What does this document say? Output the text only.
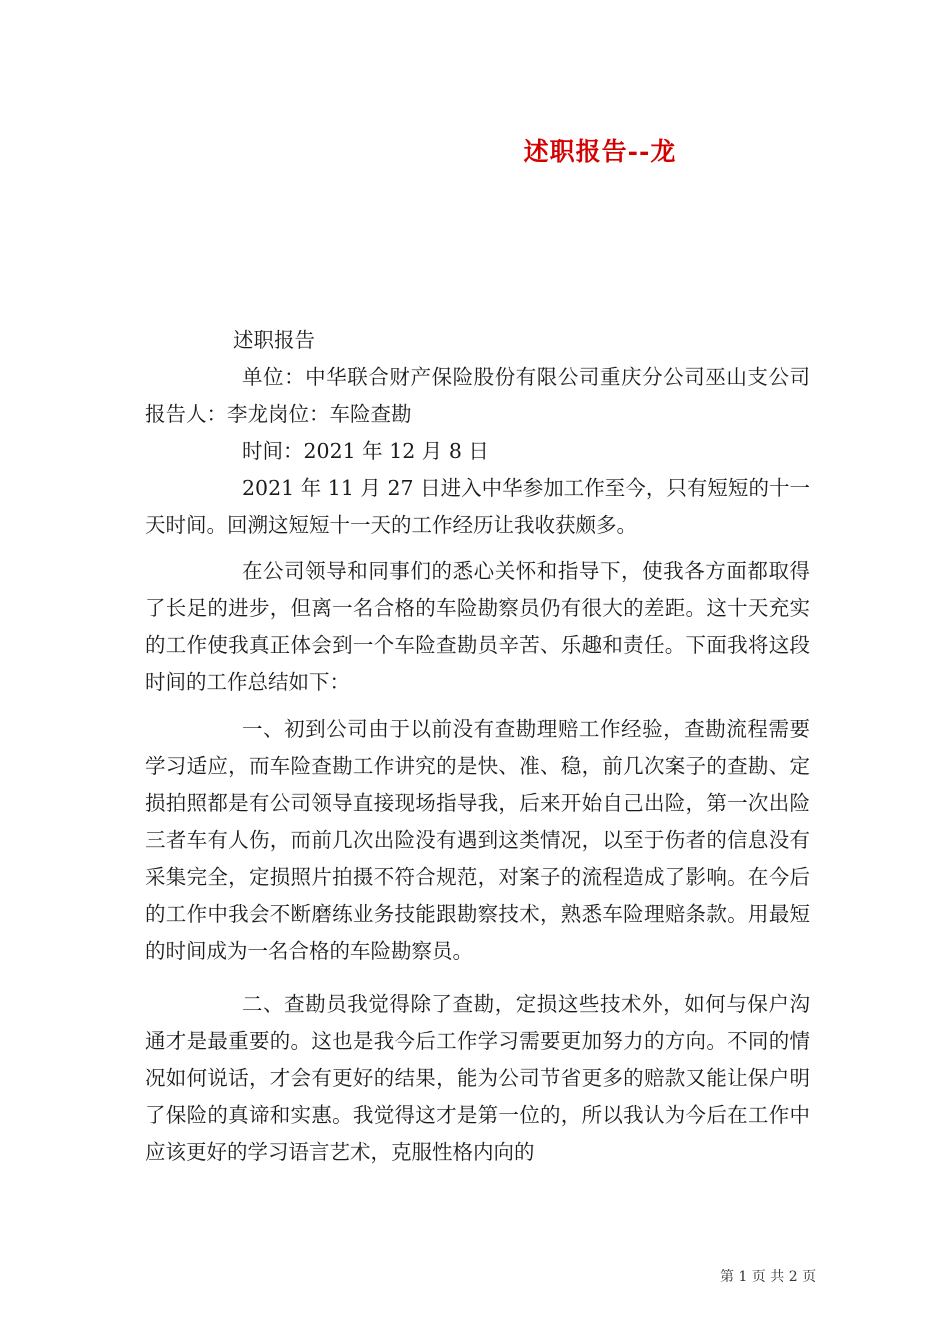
述职报告--龙

述职报告

单位：中华联合财产保险股份有限公司重庆分公司巫山支公司报告人：李龙岗位：车险查勘

时间：2021 年 12 月 8 日

2021 年 11 月 27 日进入中华参加工作至今，只有短短的十一天时间。回溯这短短十一天的工作经历让我收获颇多。

在公司领导和同事们的悉心关怀和指导下，使我各方面都取得了长足的进步，但离一名合格的车险勘察员仍有很大的差距。这十天充实的工作使我真正体会到一个车险查勘员辛苦、乐趣和责任。下面我将这段时间的工作总结如下：

一、初到公司由于以前没有查勘理赔工作经验，查勘流程需要学习适应，而车险查勘工作讲究的是快、准、稳，前几次案子的查勘、定损拍照都是有公司领导直接现场指导我，后来开始自己出险，第一次出险三者车有人伤，而前几次出险没有遇到这类情况，以至于伤者的信息没有采集完全，定损照片拍摄不符合规范，对案子的流程造成了影响。在今后的工作中我会不断磨练业务技能跟勘察技术，熟悉车险理赔条款。用最短的时间成为一名合格的车险勘察员。

二、查勘员我觉得除了查勘，定损这些技术外，如何与保户沟通才是最重要的。这也是我今后工作学习需要更加努力的方向。不同的情况如何说话，才会有更好的结果，能为公司节省更多的赔款又能让保户明了保险的真谛和实惠。我觉得这才是第一位的，所以我认为今后在工作中应该更好的学习语言艺术，克服性格内向的

第 1 页 共 2 页
